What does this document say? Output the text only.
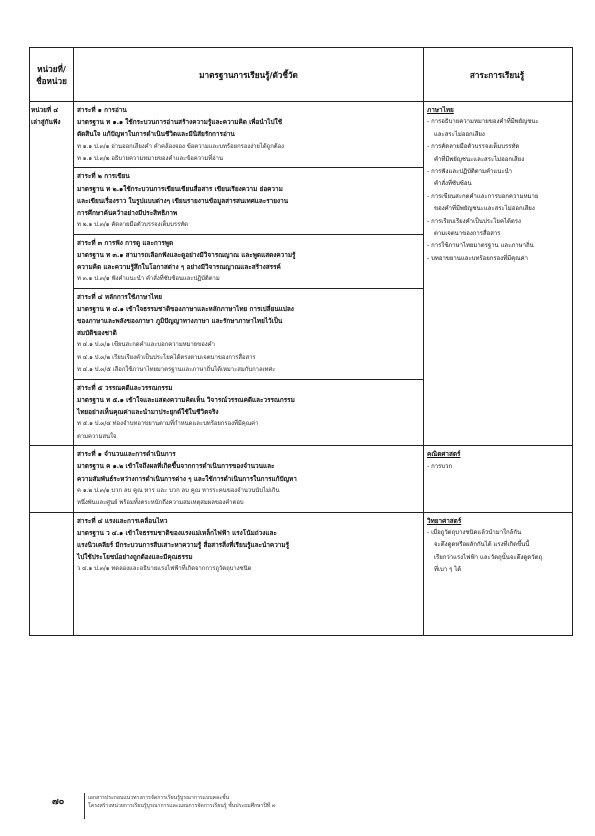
หน่วยที่/
ชื่อหน่วย
มาตรฐานการเรียนรู้/ตัวชี้วัด	สาระการเรียนรู้
หน่วยที่ ๔
เล่าสู่กันฟัง
สาระที่ ๑ การอ่าน
มาตรฐาน ท ๑.๑ ใช้กระบวนการอ่านสร้างความรู้และความคิด เพื่อนำไปใช้
ตัดสินใจ แก้ปัญหาในการดำเนินชีวิตและมีนิสัยรักการอ่าน
ท ๑.๑ ป.๓/๑ อ่านออกเสียงคำ คำคล้องจอง ข้อความและบทร้อยกรองง่ายได้ถูกต้อง
ท ๑.๑ ป.๓/๒ อธิบายความหมายของคำและข้อความที่อ่าน
สาระที่ ๒ การเขียน
มาตรฐาน ท ๒.๑ใช้กระบวนการเขียนเขียนสื่อสาร เขียนเรียงความ ย่อความ
และเขียนเรื่องราว ในรูปแบบต่างๆ เขียนรายงานข้อมูลสารสนเทศและรายงาน
การศึกษาค้นคว้าอย่างมีประสิทธิภาพ
ท ๒.๑ ป.๓/๑ คัดลายมือตัวบรรจงเต็มบรรทัด
สาระที่ ๓ การฟัง การดู และการพูด
มาตรฐาน ท ๓.๑ สามารถเลือกฟังและดูอย่างมีวิจารณญาณ และพูดแสดงความรู้
ความคิด และความรู้สึกในโอกาสต่าง ๆ อย่างมีวิจารณญาณและสร้างสรรค์
ท ๓.๑ ป.๓/๑ ฟังคำแนะนำ คำสั่งที่ซับซ้อนและปฏิบัติตาม
สาระที่ ๔ หลักการใช้ภาษาไทย
มาตรฐาน ท ๔.๑ เข้าใจธรรมชาติของภาษาและหลักภาษาไทย การเปลี่ยนแปลง
ของภาษาและพลังของภาษา ภูมิปัญญาทางภาษา และรักษาภาษาไทยไว้เป็น
สมบัติของชาติ
ท ๔.๑ ป.๓/๑ เขียนสะกดคำและบอกความหมายของคำ
ท ๔.๑ ป.๓/๒ เรียบเรียงคำเป็นประโยคได้ตรงตามเจตนาของการสื่อสาร
ท ๔.๑ ป.๓/๕ เลือกใช้ภาษาไทยมาตรฐานและภาษาถิ่นได้เหมาะสมกับกาลเทศะ
สาระที่ ๕ วรรณคดีและวรรณกรรม
มาตรฐาน ท ๕.๑ เข้าใจและแสดงความคิดเห็น วิจารณ์วรรณคดีและวรรณกรรม
ไทยอย่างเห็นคุณค่าและนำมาประยุกต์ใช้ในชีวิตจริง
ท ๕.๑ ป.๓/๔ ท่องจำบทอาขยานตามที่กำหนดและบทร้อยกรองที่มีคุณค่า
ตามความสนใจ
ภาษาไทย
- การอธิบายความหมายของคำที่มีพยัญชนะ
และสระไม่ออกเสียง
- การคัดลายมือตัวบรรจงเต็มบรรทัด
คำที่มีพยัญชนะและสระไม่ออกเสียง
- การฟังและปฏิบัติตามคำแนะนำ
คำสั่งที่ซับซ้อน
- การเขียนสะกดคำและการบอกความหมาย
ของคำที่มีพยัญชนะและสระไม่ออกเสียง
- การเรียบเรียงคำเป็นประโยคได้ตรง
ตามเจตนาของการสื่อสาร
- การใช้ภาษาไทยมาตรฐาน และภาษาถิ่น
- บทอาขยานและบทร้อยกรองที่มีคุณค่า
สาระที่ ๑ จำนวนและการดำเนินการ
มาตรฐาน ค ๑.๒ เข้าใจถึงผลที่เกิดขึ้นจากการดำเนินการของจำนวนและ
ความสัมพันธ์ระหว่างการดำเนินการต่าง ๆ และใช้การดำเนินการในการแก้ปัญหา
ค ๑.๒ ป.๓/๑ บวก ลบ คูณ หาร และ บวก ลบ คูณ หารระคนของจำนวนนับไม่เกิน
หนึ่งพันและศูนย์ พร้อมทั้งตระหนักถึงความสมเหตุสมผลของคำตอบ
คณิตศาสตร์
- การบวก
สาระที่ ๔ แรงและการเคลื่อนไหว
มาตรฐาน ว ๔.๑ เข้าใจธรรมชาติของแรงแม่เหล็กไฟฟ้า แรงโน้มถ่วงและ
แรงนิวเคลียร์ มีกระบวนการสืบเสาะหาความรู้ สื่อสารสิ่งที่เรียนรู้และนำความรู้
ไปใช้ประโยชน์อย่างถูกต้องและมีคุณธรรม
ว ๔.๑ ป.๓/๑ ทดลองและอธิบายแรงไฟฟ้าที่เกิดจากการถูวัตถุบางชนิด
วิทยาศาสตร์
- เมื่อถูวัตถุบางชนิดแล้วนำมาใกล้กัน
จะดึงดูดหรือผลักกันได้ แรงที่เกิดขึ้นนี้
เรียกว่าแรงไฟฟ้า และวัตถุนั้นจะดึงดูดวัตถุ
ที่เบา ๆ ได้
๗๐	เอกสารประกอบแนวทางการจัดการเรียนรู้บูรณาการแบบคละชั้น
โครงสร้างหน่วยการเรียนรู้บูรณาการและแผนการจัดการเรียนรู้ ชั้นประถมศึกษาปีที่ ๓
